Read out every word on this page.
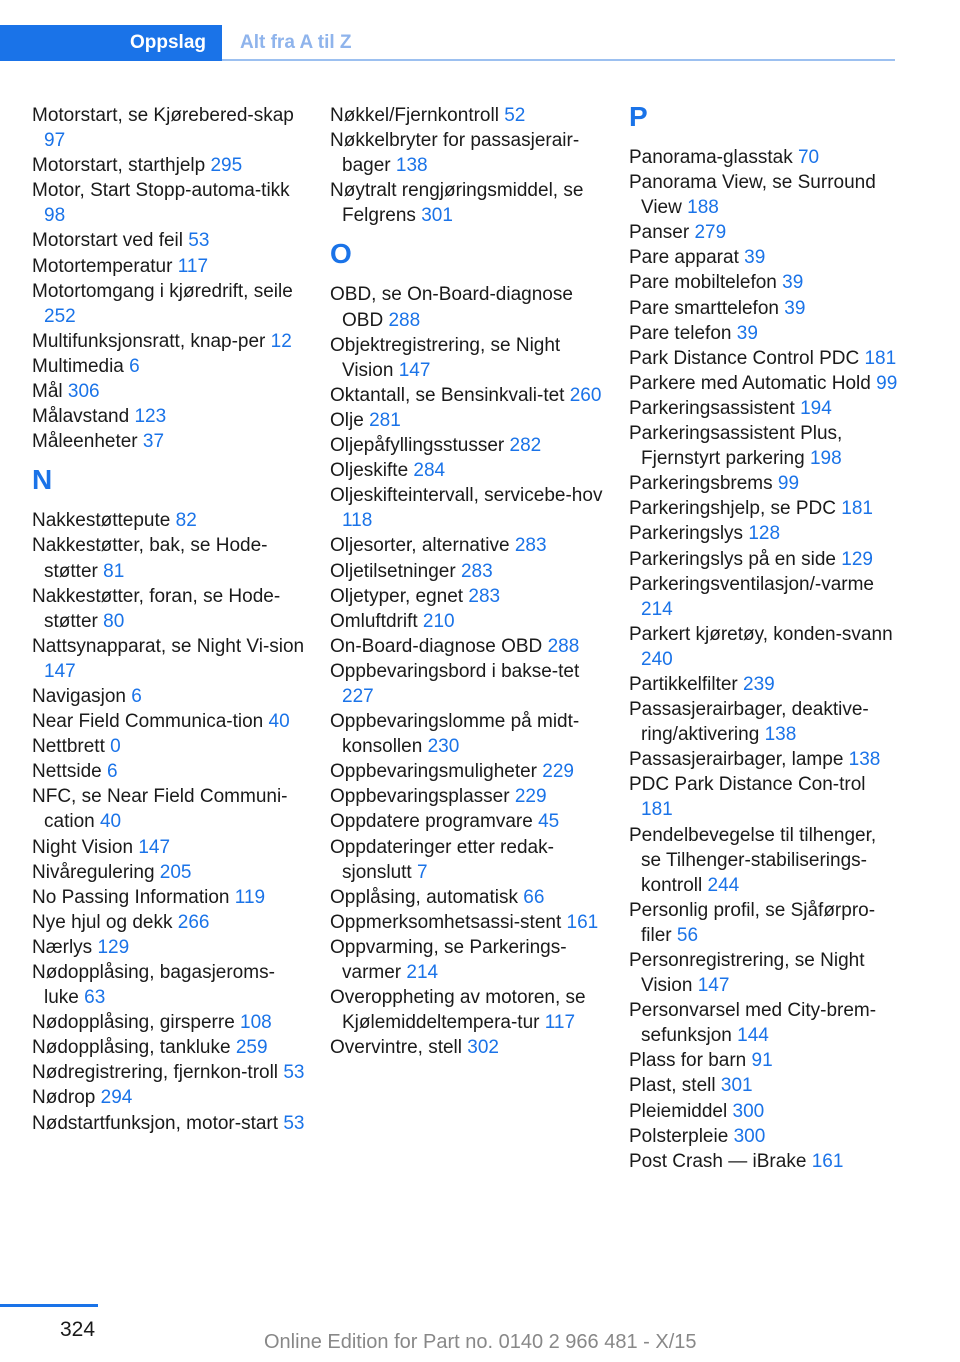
Oppslag	Alt fra A til Z
Motorstart, se Kjørebered-skap 97
Motorstart, starthjelp 295
Motor, Start Stopp-automa-tikk 98
Motorstart ved feil 53
Motortemperatur 117
Motortomgang i kjøredrift, seile 252
Multifunksjonsratt, knap-per 12
Multimedia 6
Mål 306
Målavstand 123
Måleenheter 37
N
Nakkestøttepute 82
Nakkestøtter, bak, se Hode-støtter 81
Nakkestøtter, foran, se Hode-støtter 80
Nattsynapparat, se Night Vi-sion 147
Navigasjon 6
Near Field Communica-tion 40
Nettbrett 0
Nettside 6
NFC, se Near Field Communi-cation 40
Night Vision 147
Nivåregulering 205
No Passing Information 119
Nye hjul og dekk 266
Nærlys 129
Nødopplåsing, bagasjeroms-luke 63
Nødopplåsing, girsperre 108
Nødopplåsing, tankluke 259
Nødregistrering, fjernkon-troll 53
Nødrop 294
Nødstartfunksjon, motor-start 53
Nøkkel/Fjernkontroll 52
Nøkkelbryter for passasjerair-bager 138
Nøytralt rengjøringsmiddel, se Felgrens 301
O
OBD, se On-Board-diagnose OBD 288
Objektregistrering, se Night Vision 147
Oktantall, se Bensinkvali-tet 260
Olje 281
Oljepåfyllingsstusser 282
Oljeskifte 284
Oljeskifteintervall, servicebe-hov 118
Oljesorter, alternative 283
Oljetilsetninger 283
Oljetyper, egnet 283
Omluftdrift 210
On-Board-diagnose OBD 288
Oppbevaringsbord i bakse-tet 227
Oppbevaringslomme på midt-konsollen 230
Oppbevaringsmuligheter 229
Oppbevaringsplasser 229
Oppdatere programvare 45
Oppdateringer etter redak-sjonslutt 7
Opplåsing, automatisk 66
Oppmerksomhetsassi-stent 161
Oppvarming, se Parkerings-varmer 214
Overoppheting av motoren, se Kjølemiddeltempera-tur 117
Overvintre, stell 302
P
Panorama-glasstak 70
Panorama View, se Surround View 188
Panser 279
Pare apparat 39
Pare mobiltelefon 39
Pare smarttelefon 39
Pare telefon 39
Park Distance Control PDC 181
Parkere med Automatic Hold 99
Parkeringsassistent 194
Parkeringsassistent Plus, Fjernstyrt parkering 198
Parkeringsbrems 99
Parkeringshjelp, se PDC 181
Parkeringslys 128
Parkeringslys på en side 129
Parkeringsventilasjon/-varme 214
Parkert kjøretøy, konden-svann 240
Partikkelfilter 239
Passasjerairbager, deaktive-ring/aktivering 138
Passasjerairbager, lampe 138
PDC Park Distance Con-trol 181
Pendelbevegelse til tilhenger, se Tilhenger-stabiliserings-kontroll 244
Personlig profil, se Sjåførpro-filer 56
Personregistrering, se Night Vision 147
Personvarsel med City-brem-sefunksjon 144
Plass for barn 91
Plast, stell 301
Pleiemiddel 300
Polsterpleie 300
Post Crash — iBrake 161
324
Online Edition for Part no. 0140 2 966 481 - X/15
